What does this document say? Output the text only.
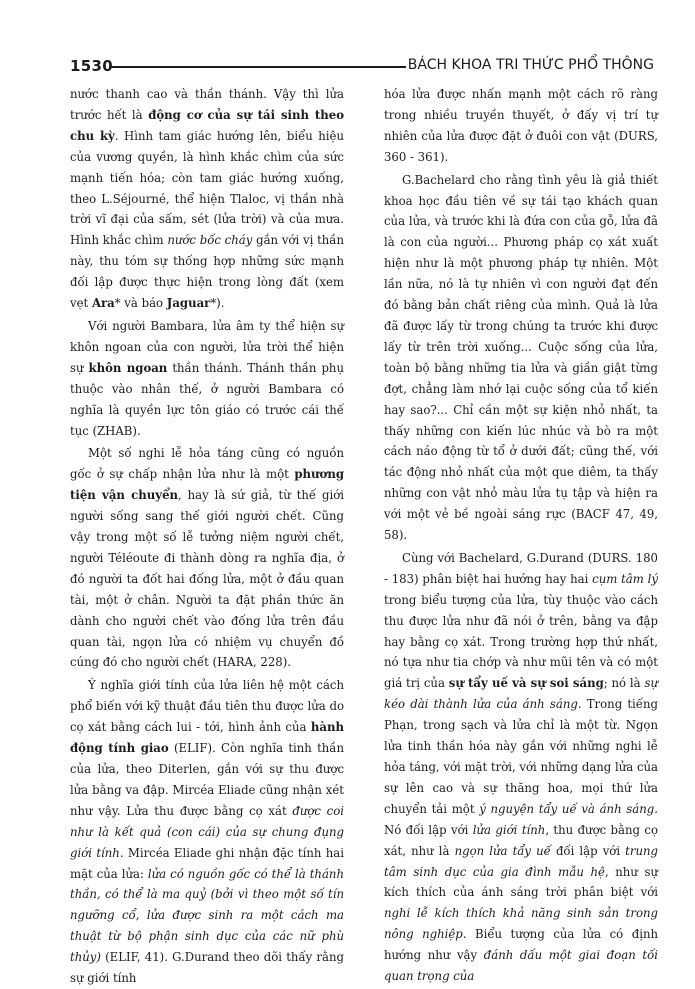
1530	BÁCH KHOA TRI THỨC PHỔ THÔNG

nước thanh cao và thần thánh. Vậy thì lửa trước hết là động cơ của sự tái sinh theo chu kỳ. Hình tam giác hướng lên, biểu hiệu của vương quyền, là hình khắc chìm của sức mạnh tiến hóa; còn tam giác hướng xuống, theo L.Séjourné, thể hiện Tlaloc, vị thần nhà trời vĩ đại của sấm, sét (lửa trời) và của mưa. Hình khắc chìm nước bốc cháy gắn với vị thần này, thu tóm sự thống hợp những sức mạnh đối lập được thực hiện trong lòng đất (xem vẹt Ara* và báo Jaguar*).

Với người Bambara, lửa âm ty thể hiện sự khôn ngoan của con người, lửa trời thể hiện sự khôn ngoan thần thánh. Thánh thần phụ thuộc vào nhân thế, ở người Bambara có nghĩa là quyền lực tôn giáo có trước cái thế tục (ZHAB).

Một số nghi lễ hỏa táng cũng có nguồn gốc ở sự chấp nhận lửa như là một phương tiện vận chuyển, hay là sứ giả, từ thế giới người sống sang thế giới người chết. Cũng vậy trong một số lễ tưởng niệm người chết, người Téléoute đi thành dòng ra nghĩa địa, ở đó người ta đốt hai đống lửa, một ở đầu quan tài, một ở chân. Người ta đặt phần thức ăn dành cho người chết vào đống lửa trên đầu quan tài, ngọn lửa có nhiệm vụ chuyển đồ cúng đó cho người chết (HARA, 228).

Ý nghĩa giới tính của lửa liên hệ một cách phổ biến với kỹ thuật đầu tiên thu được lửa do cọ xát bằng cách lui - tới, hình ảnh của hành động tính giao (ELIF). Còn nghĩa tinh thần của lửa, theo Diterlen, gắn với sự thu được lửa bằng va đập. Mircéa Eliade cũng nhận xét như vậy. Lửa thu được bằng cọ xát được coi như là kết quả (con cái) của sự chung đụng giới tính. Mircéa Eliade ghi nhận đặc tính hai mặt của lửa: lửa có nguồn gốc có thể là thánh thần, có thể là ma quỷ (bởi vì theo một số tín ngưỡng cổ, lửa được sinh ra một cách ma thuật từ bộ phận sinh dục của các nữ phù thủy) (ELIF, 41). G.Durand theo dõi thấy rằng sự giới tính

hóa lửa được nhấn mạnh một cách rõ ràng trong nhiều truyền thuyết, ở đấy vị trí tự nhiên của lửa được đặt ở đuôi con vật (DURS, 360 - 361).

G.Bachelard cho rằng tình yêu là giả thiết khoa học đầu tiên về sự tái tạo khách quan của lửa, và trước khi là đứa con của gỗ, lửa đã là con của người... Phương pháp cọ xát xuất hiện như là một phương pháp tự nhiên. Một lần nữa, nó là tự nhiên vì con người đạt đến đó bằng bản chất riêng của mình. Quả là lửa đã được lấy từ trong chúng ta trước khi được lấy từ trên trời xuống... Cuộc sống của lửa, toàn bộ bằng những tia lửa và giần giật từng đợt, chẳng làm nhớ lại cuộc sống của tổ kiến hay sao?... Chỉ cần một sự kiện nhỏ nhất, ta thấy những con kiến lúc nhúc và bò ra một cách náo động từ tổ ở dưới đất; cũng thế, với tác động nhỏ nhất của một que diêm, ta thấy những con vật nhỏ màu lửa tụ tập và hiện ra với một vẻ bề ngoài sáng rực (BACF 47, 49, 58).

Cùng với Bachelard, G.Durand (DURS. 180 - 183) phân biệt hai hướng hay hai cụm tâm lý trong biểu tượng của lửa, tùy thuộc vào cách thu được lửa như đã nói ở trên, bằng va đập hay bằng cọ xát. Trong trường hợp thứ nhất, nó tựa như tia chớp và như mũi tên và có một giá trị của sự tẩy uế và sự soi sáng; nó là sự kéo dài thành lửa của ánh sáng. Trong tiếng Phạn, trong sạch và lửa chỉ là một từ. Ngọn lửa tinh thần hóa này gắn với những nghi lễ hỏa táng, với mặt trời, với những dạng lửa của sự lên cao và sự thăng hoa, mọi thứ lửa chuyển tải một ý nguyện tẩy uế và ánh sáng. Nó đối lập với lửa giới tính, thu được bằng cọ xát, như là ngọn lửa tẩy uế đối lập với trung tâm sinh dục của gia đình mẫu hệ, như sự kích thích của ánh sáng trời phân biệt với nghi lễ kích thích khả năng sinh sản trong nông nghiệp. Biểu tượng của lửa có định hướng như vậy đánh dấu một giai đoạn tối quan trọng của
